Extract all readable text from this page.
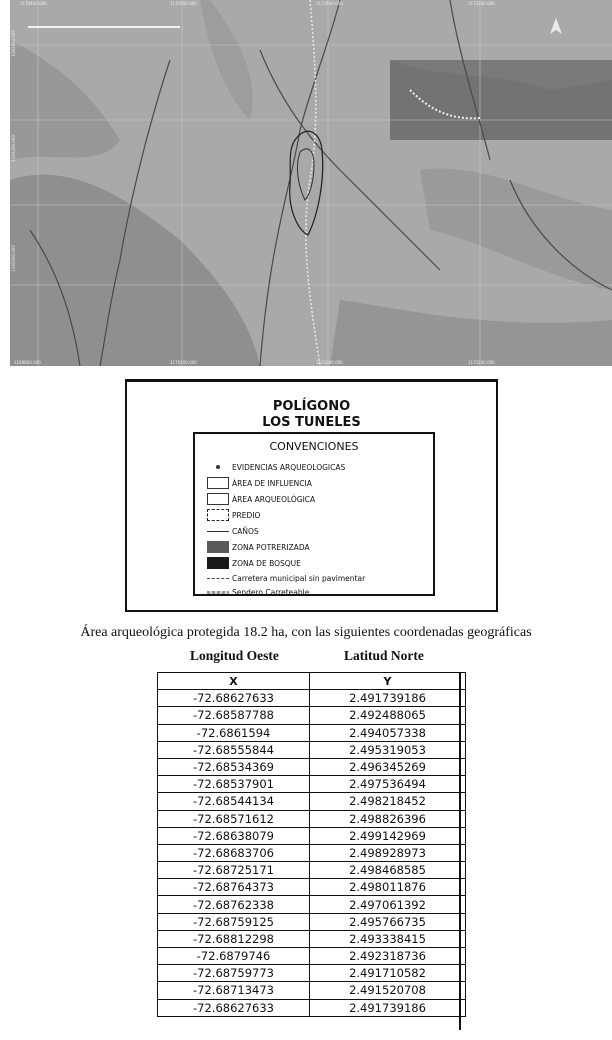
1170400.000	1171000.000	1171600.000	1172200.000
1169800.000	1170400.000	1171000.000	1172200.000
1163800.000
1163200.000
1162600.000
POLÍGONO
LOS TUNELES
CONVENCIONES
EVIDENCIAS ARQUEOLOGICAS
ÁREA DE INFLUENCIA
ÁREA ARQUEOLÓGICA
PREDIO
CAÑOS
ZONA POTRERIZADA
ZONA DE BOSQUE
Carretera municipal sin pavimentar
Sendero Carreteable
Área arqueológica protegida 18.2 ha, con las siguientes coordenadas geográficas
Longitud Oeste	Latitud Norte
X	Y
-72.68627633	2.491739186
-72.68587788	2.492488065
-72.6861594	2.494057338
-72.68555844	2.495319053
-72.68534369	2.496345269
-72.68537901	2.497536494
-72.68544134	2.498218452
-72.68571612	2.498826396
-72.68638079	2.499142969
-72.68683706	2.498928973
-72.68725171	2.498468585
-72.68764373	2.498011876
-72.68762338	2.497061392
-72.68759125	2.495766735
-72.68812298	2.493338415
-72.6879746	2.492318736
-72.68759773	2.491710582
-72.68713473	2.491520708
-72.68627633	2.491739186
